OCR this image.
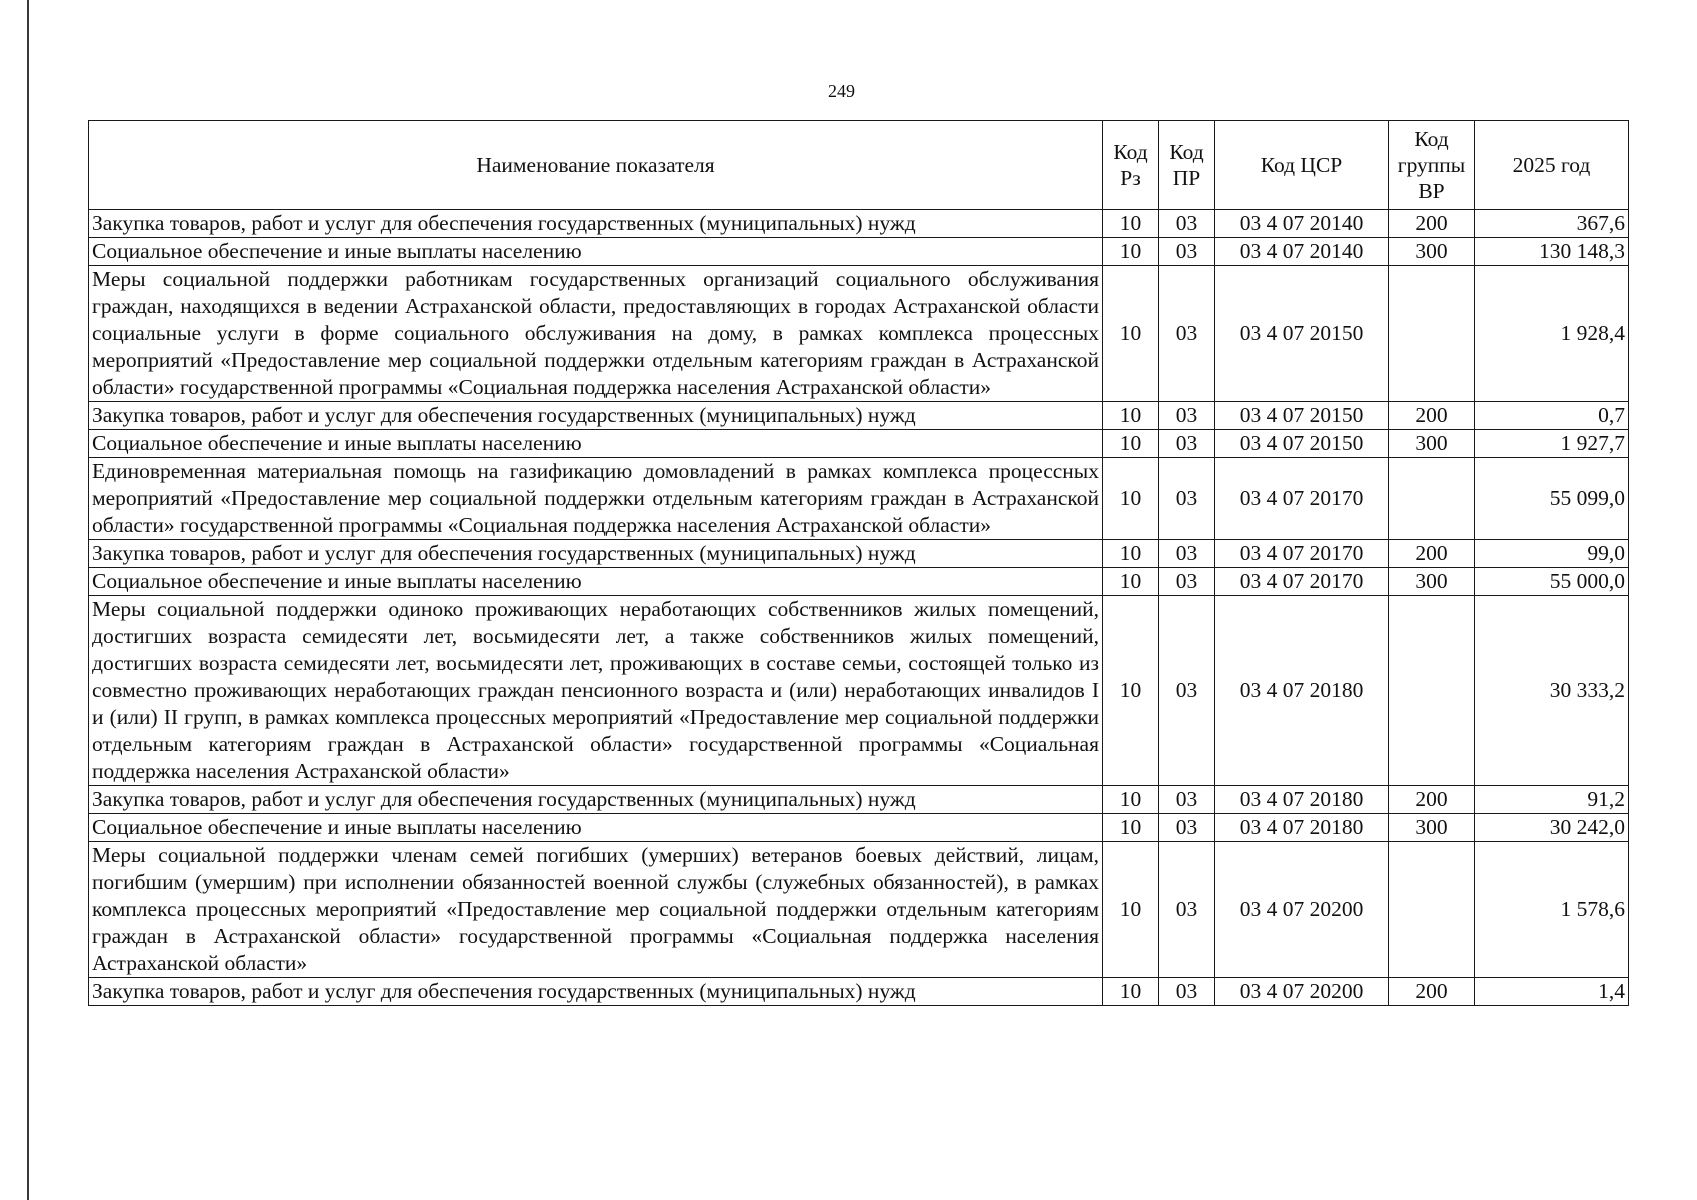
249
Наименование показателя	Код Рз	Код ПР	Код ЦСР	Код группы ВР	2025 год
Закупка товаров, работ и услуг для обеспечения государственных (муниципальных) нужд	10	03	03 4 07 20140	200	367,6
Социальное обеспечение и иные выплаты населению	10	03	03 4 07 20140	300	130 148,3
Меры социальной поддержки работникам государственных организаций социального обслуживания граждан, находящихся в ведении Астраханской области, предоставляющих в городах Астраханской области социальные услуги в форме социального обслуживания на дому, в рамках комплекса процессных мероприятий «Предоставление мер социальной поддержки отдельным категориям граждан в Астраханской области» государственной программы «Социальная поддержка населения Астраханской области»	10	03	03 4 07 20150		1 928,4
Закупка товаров, работ и услуг для обеспечения государственных (муниципальных) нужд	10	03	03 4 07 20150	200	0,7
Социальное обеспечение и иные выплаты населению	10	03	03 4 07 20150	300	1 927,7
Единовременная материальная помощь на газификацию домовладений в рамках комплекса процессных мероприятий «Предоставление мер социальной поддержки отдельным категориям граждан в Астраханской области» государственной программы «Социальная поддержка населения Астраханской области»	10	03	03 4 07 20170		55 099,0
Закупка товаров, работ и услуг для обеспечения государственных (муниципальных) нужд	10	03	03 4 07 20170	200	99,0
Социальное обеспечение и иные выплаты населению	10	03	03 4 07 20170	300	55 000,0
Меры социальной поддержки одиноко проживающих неработающих собственников жилых помещений, достигших возраста семидесяти лет, восьмидесяти лет, а также собственников жилых помещений, достигших возраста семидесяти лет, восьмидесяти лет, проживающих в составе семьи, состоящей только из совместно проживающих неработающих граждан пенсионного возраста и (или) неработающих инвалидов I и (или) II групп, в рамках комплекса процессных мероприятий «Предоставление мер социальной поддержки отдельным категориям граждан в Астраханской области» государственной программы «Социальная поддержка населения Астраханской области»	10	03	03 4 07 20180		30 333,2
Закупка товаров, работ и услуг для обеспечения государственных (муниципальных) нужд	10	03	03 4 07 20180	200	91,2
Социальное обеспечение и иные выплаты населению	10	03	03 4 07 20180	300	30 242,0
Меры социальной поддержки членам семей погибших (умерших) ветеранов боевых действий, лицам, погибшим (умершим) при исполнении обязанностей военной службы (служебных обязанностей), в рамках комплекса процессных мероприятий «Предоставление мер социальной поддержки отдельным категориям граждан в Астраханской области» государственной программы «Социальная поддержка населения Астраханской области»	10	03	03 4 07 20200		1 578,6
Закупка товаров, работ и услуг для обеспечения государственных (муниципальных) нужд	10	03	03 4 07 20200	200	1,4
